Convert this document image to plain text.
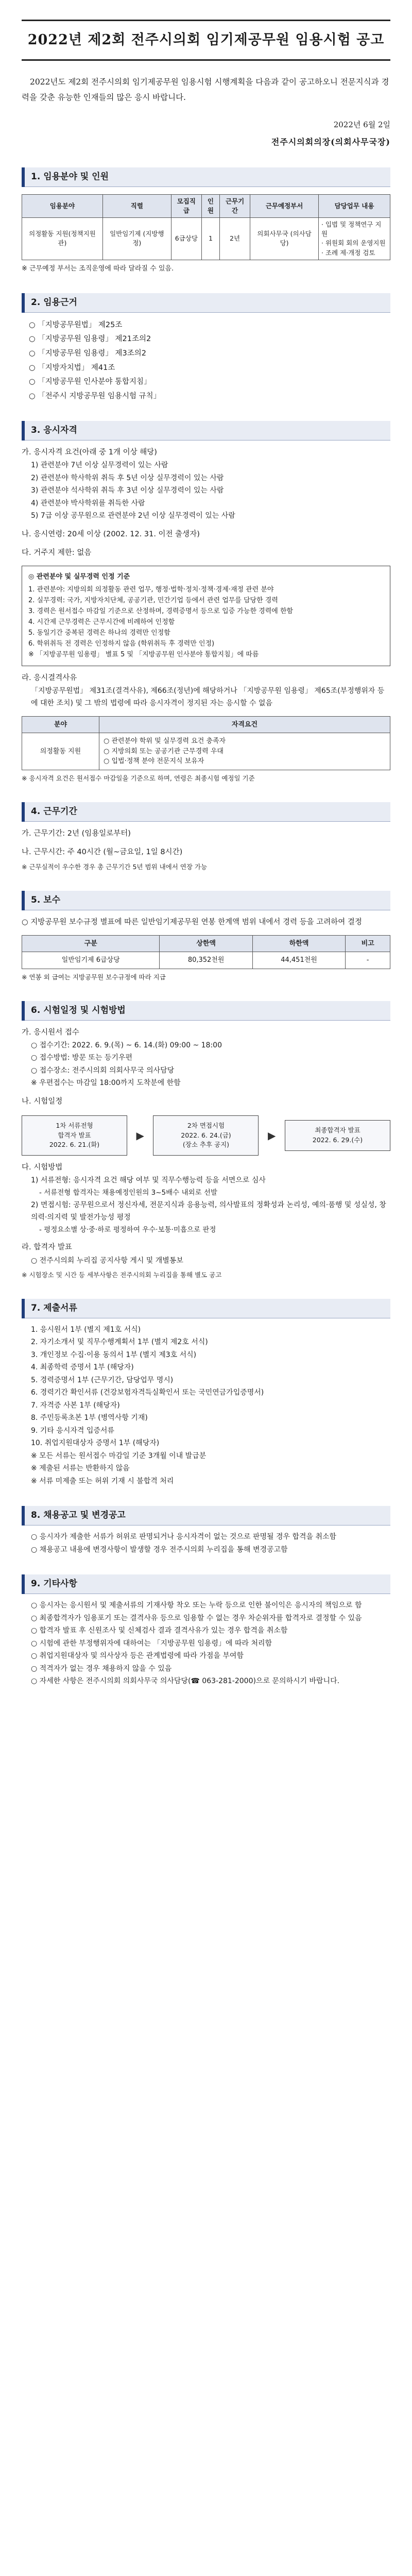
2022년 제2회 전주시의회 임기제공무원 임용시험 공고

2022년도 제2회 전주시의회 임기제공무원 임용시험 시행계획을 다음과 같이 공고하오니 전문지식과 경력을 갖춘 유능한 인재들의 많은 응시 바랍니다.

2022년 6월 2일

전주시의회의장(의회사무국장)

1. 임용분야 및 인원
임용분야	직렬	모집직급	인원	근무기간	근무예정부서	담당업무 내용
의정활동 지원(정책지원관)	일반임기제 (지방행정)	6급상당	1	2년	의회사무국 (의사담당)	· 입법 및 정책연구 지원
· 위원회 회의 운영지원
· 조례 제·개정 검토

※ 근무예정 부서는 조직운영에 따라 달라질 수 있음.

2. 임용근거
○ 「지방공무원법」 제25조
○ 「지방공무원 임용령」 제21조의2
○ 「지방공무원 임용령」 제3조의2
○ 「지방자치법」 제41조
○ 「지방공무원 인사분야 통합지침」
○ 「전주시 지방공무원 임용시험 규칙」
3. 응시자격

가. 응시자격 요건(아래 중 1개 이상 해당)

1) 관련분야 7년 이상 실무경력이 있는 사람

2) 관련분야 학사학위 취득 후 5년 이상 실무경력이 있는 사람

3) 관련분야 석사학위 취득 후 3년 이상 실무경력이 있는 사람

4) 관련분야 박사학위를 취득한 사람

5) 7급 이상 공무원으로 관련분야 2년 이상 실무경력이 있는 사람

나. 응시연령: 20세 이상 (2002. 12. 31. 이전 출생자)

다. 거주지 제한: 없음

◎ 관련분야 및 실무경력 인정 기준

1. 관련분야: 지방의회 의정활동 관련 업무, 행정·법학·정치·정책·경제·재정 관련 분야

2. 실무경력: 국가, 지방자치단체, 공공기관, 민간기업 등에서 관련 업무를 담당한 경력

3. 경력은 원서접수 마감일 기준으로 산정하며, 경력증명서 등으로 입증 가능한 경력에 한함

4. 시간제 근무경력은 근무시간에 비례하여 인정함

5. 동일기간 중복된 경력은 하나의 경력만 인정함

6. 학위취득 전 경력은 인정하지 않음 (학위취득 후 경력만 인정)

※ 「지방공무원 임용령」 별표 5 및 「지방공무원 인사분야 통합지침」에 따름

라. 응시결격사유

「지방공무원법」 제31조(결격사유), 제66조(정년)에 해당하거나 「지방공무원 임용령」 제65조(부정행위자 등에 대한 조치) 및 그 밖의 법령에 따라 응시자격이 정지된 자는 응시할 수 없음

분야	자격요건
의정활동 지원	○ 관련분야 학위 및 실무경력 요건 충족자
○ 지방의회 또는 공공기관 근무경력 우대
○ 입법·정책 분야 전문지식 보유자

※ 응시자격 요건은 원서접수 마감일을 기준으로 하며, 연령은 최종시험 예정일 기준

4. 근무기간

가. 근무기간: 2년 (임용일로부터)

나. 근무시간: 주 40시간 (월~금요일, 1일 8시간)

※ 근무실적이 우수한 경우 총 근무기간 5년 범위 내에서 연장 가능

5. 보수

○ 지방공무원 보수규정 별표에 따른 일반임기제공무원 연봉 한계액 범위 내에서 경력 등을 고려하여 결정

구분	상한액	하한액	비고
일반임기제 6급상당	80,352천원	44,451천원	-

※ 연봉 외 급여는 지방공무원 보수규정에 따라 지급

6. 시험일정 및 시험방법

가. 응시원서 접수

○ 접수기간: 2022. 6. 9.(목) ~ 6. 14.(화) 09:00 ~ 18:00

○ 접수방법: 방문 또는 등기우편

○ 접수장소: 전주시의회 의회사무국 의사담당

※ 우편접수는 마감일 18:00까지 도착분에 한함

나. 시험일정

1차 서류전형
합격자 발표
2022. 6. 21.(화)
▶
2차 면접시험
2022. 6. 24.(금)
(장소 추후 공지)
▶	최종합격자 발표
2022. 6. 29.(수)

다. 시험방법

1) 서류전형: 응시자격 요건 해당 여부 및 직무수행능력 등을 서면으로 심사

- 서류전형 합격자는 채용예정인원의 3~5배수 내외로 선발

2) 면접시험: 공무원으로서 정신자세, 전문지식과 응용능력, 의사발표의 정확성과 논리성, 예의·품행 및 성실성, 창의력·의지력 및 발전가능성 평정

- 평정요소별 상·중·하로 평정하여 우수·보통·미흡으로 판정

라. 합격자 발표

○ 전주시의회 누리집 공지사항 게시 및 개별통보

※ 시험장소 및 시간 등 세부사항은 전주시의회 누리집을 통해 별도 공고

7. 제출서류

1. 응시원서 1부 (별지 제1호 서식)

2. 자기소개서 및 직무수행계획서 1부 (별지 제2호 서식)

3. 개인정보 수집·이용 동의서 1부 (별지 제3호 서식)

4. 최종학력 증명서 1부 (해당자)

5. 경력증명서 1부 (근무기간, 담당업무 명시)

6. 경력기간 확인서류 (건강보험자격득실확인서 또는 국민연금가입증명서)

7. 자격증 사본 1부 (해당자)

8. 주민등록초본 1부 (병역사항 기재)

9. 기타 응시자격 입증서류

10. 취업지원대상자 증명서 1부 (해당자)

※ 모든 서류는 원서접수 마감일 기준 3개월 이내 발급분

※ 제출된 서류는 반환하지 않음

※ 서류 미제출 또는 허위 기재 시 불합격 처리

8. 채용공고 및 변경공고

○ 응시자가 제출한 서류가 허위로 판명되거나 응시자격이 없는 것으로 판명될 경우 합격을 취소함

○ 채용공고 내용에 변경사항이 발생할 경우 전주시의회 누리집을 통해 변경공고함

9. 기타사항

○ 응시자는 응시원서 및 제출서류의 기재사항 착오 또는 누락 등으로 인한 불이익은 응시자의 책임으로 함

○ 최종합격자가 임용포기 또는 결격사유 등으로 임용할 수 없는 경우 차순위자를 합격자로 결정할 수 있음

○ 합격자 발표 후 신원조사 및 신체검사 결과 결격사유가 있는 경우 합격을 취소함

○ 시험에 관한 부정행위자에 대하여는 「지방공무원 임용령」에 따라 처리함

○ 취업지원대상자 및 의사상자 등은 관계법령에 따라 가점을 부여함

○ 적격자가 없는 경우 채용하지 않을 수 있음

○ 자세한 사항은 전주시의회 의회사무국 의사담당(☎ 063-281-2000)으로 문의하시기 바랍니다.
